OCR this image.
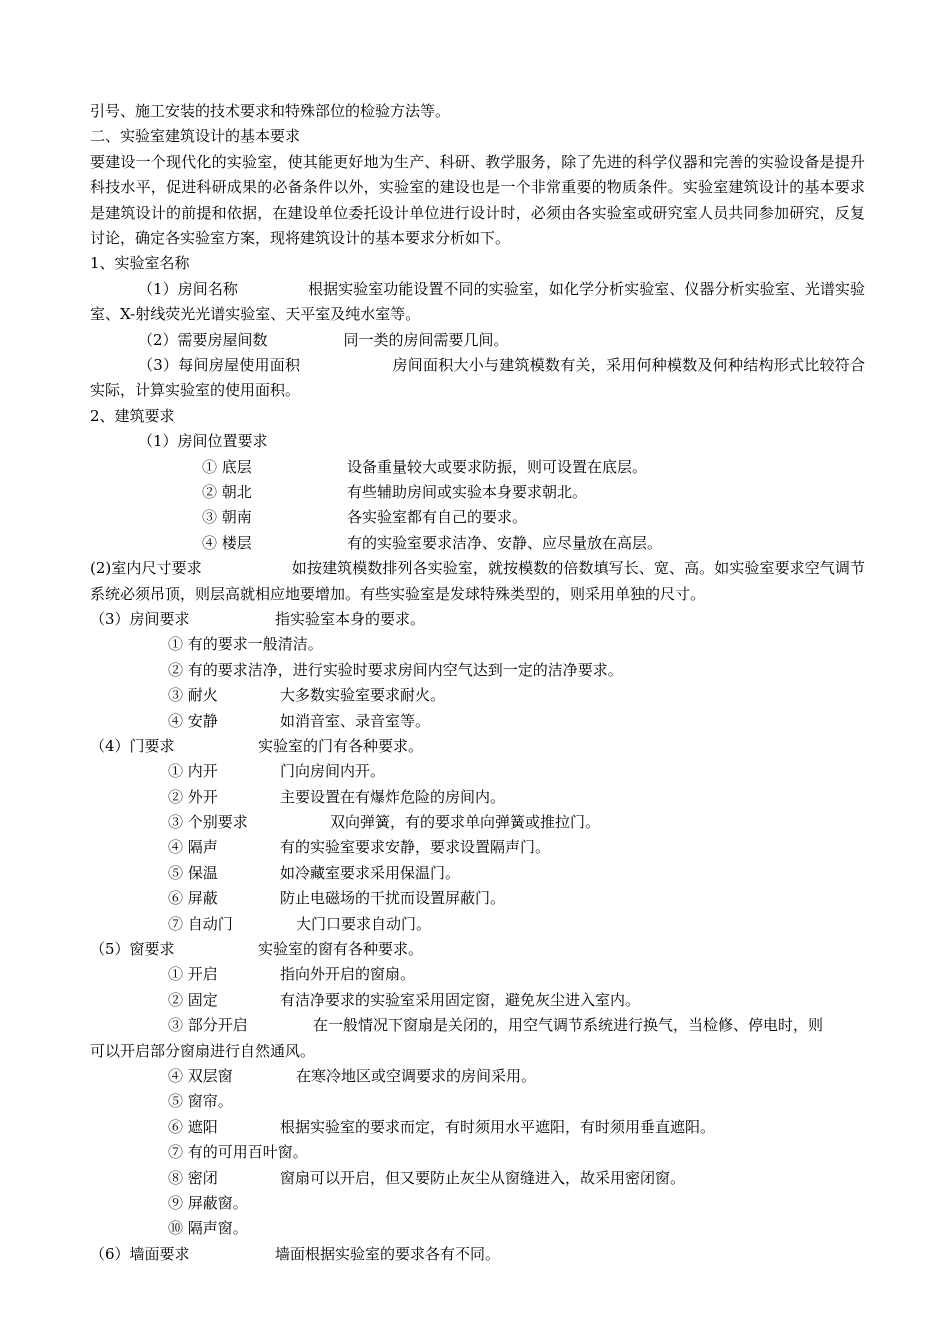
引号、施工安装的技术要求和特殊部位的检验方法等。
二、实验室建筑设计的基本要求
要建设一个现代化的实验室，使其能更好地为生产、科研、教学服务，除了先进的科学仪器和完善的实验设备是提升科技水平，促进科研成果的必备条件以外，实验室的建设也是一个非常重要的物质条件。实验室建筑设计的基本要求是建筑设计的前提和依据，在建设单位委托设计单位进行设计时，必须由各实验室或研究室人员共同参加研究，反复讨论，确定各实验室方案，现将建筑设计的基本要求分析如下。
1、实验室名称
（1）房间名称	根据实验室功能设置不同的实验室，如化学分析实验室、仪器分析实验室、光谱实验室、X-射线荧光光谱实验室、天平室及纯水室等。
（2）需要房屋间数	同一类的房间需要几间。
（3）每间房屋使用面积	房间面积大小与建筑模数有关，采用何种模数及何种结构形式比较符合实际，计算实验室的使用面积。
2、建筑要求
（1）房间位置要求
① 底层	设备重量较大或要求防振，则可设置在底层。
② 朝北	有些辅助房间或实验本身要求朝北。
③ 朝南	各实验室都有自己的要求。
④ 楼层	有的实验室要求洁净、安静、应尽量放在高层。
(2)室内尺寸要求	如按建筑模数排列各实验室，就按模数的倍数填写长、宽、高。如实验室要求空气调节系统必须吊顶，则层高就相应地要增加。有些实验室是发球特殊类型的，则采用单独的尺寸。
（3）房间要求	指实验室本身的要求。
① 有的要求一般清洁。
② 有的要求洁净，进行实验时要求房间内空气达到一定的洁净要求。
③ 耐火	大多数实验室要求耐火。
④ 安静	如消音室、录音室等。
（4）门要求	实验室的门有各种要求。
① 内开	门向房间内开。
② 外开	主要设置在有爆炸危险的房间内。
③ 个别要求	双向弹簧，有的要求单向弹簧或推拉门。
④ 隔声	有的实验室要求安静，要求设置隔声门。
⑤ 保温	如冷藏室要求采用保温门。
⑥ 屏蔽	防止电磁场的干扰而设置屏蔽门。
⑦ 自动门	大门口要求自动门。
（5）窗要求	实验室的窗有各种要求。
① 开启	指向外开启的窗扇。
② 固定	有洁净要求的实验室采用固定窗，避免灰尘进入室内。
③ 部分开启	在一般情况下窗扇是关闭的，用空气调节系统进行换气，当检修、停电时，则
可以开启部分窗扇进行自然通风。
④ 双层窗	在寒冷地区或空调要求的房间采用。
⑤ 窗帘。
⑥ 遮阳	根据实验室的要求而定，有时须用水平遮阳，有时须用垂直遮阳。
⑦ 有的可用百叶窗。
⑧ 密闭	窗扇可以开启，但又要防止灰尘从窗缝进入，故采用密闭窗。
⑨ 屏蔽窗。
⑩ 隔声窗。
（6）墙面要求	墙面根据实验室的要求各有不同。
